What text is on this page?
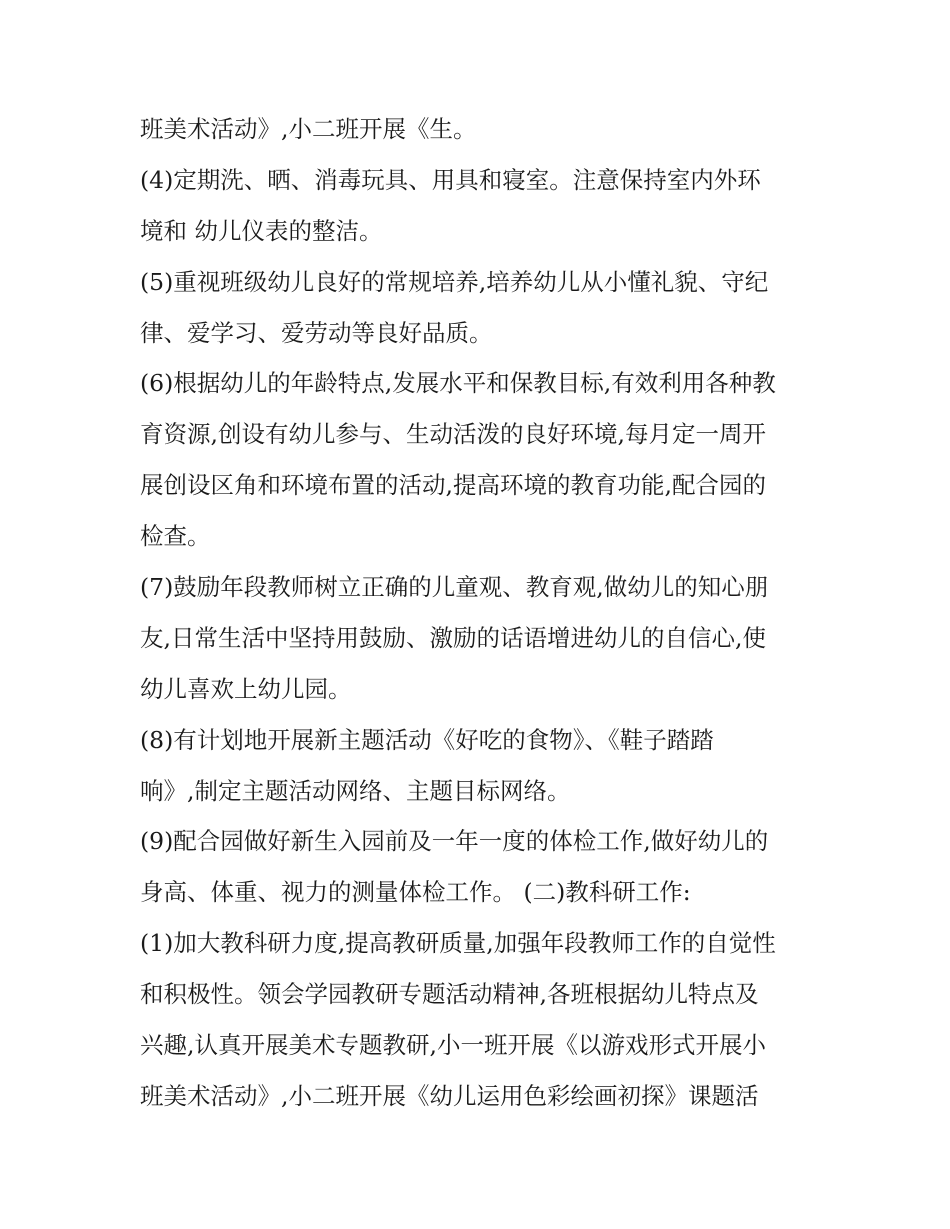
班美术活动》,小二班开展《生。
(4)定期洗、晒、消毒玩具、用具和寝室。注意保持室内外环
境和 幼儿仪表的整洁。
(5)重视班级幼儿良好的常规培养,培养幼儿从小懂礼貌、守纪
律、爱学习、爱劳动等良好品质。
(6)根据幼儿的年龄特点,发展水平和保教目标,有效利用各种教
育资源,创设有幼儿参与、生动活泼的良好环境,每月定一周开
展创设区角和环境布置的活动,提高环境的教育功能,配合园的
检查。
(7)鼓励年段教师树立正确的儿童观、教育观,做幼儿的知心朋
友,日常生活中坚持用鼓励、激励的话语增进幼儿的自信心,使
幼儿喜欢上幼儿园。
(8)有计划地开展新主题活动《好吃的食物》、《鞋子踏踏
响》,制定主题活动网络、主题目标网络。
(9)配合园做好新生入园前及一年一度的体检工作,做好幼儿的
身高、体重、视力的测量体检工作。 (二)教科研工作:
(1)加大教科研力度,提高教研质量,加强年段教师工作的自觉性
和积极性。领会学园教研专题活动精神,各班根据幼儿特点及
兴趣,认真开展美术专题教研,小一班开展《以游戏形式开展小
班美术活动》,小二班开展《幼儿运用色彩绘画初探》课题活
